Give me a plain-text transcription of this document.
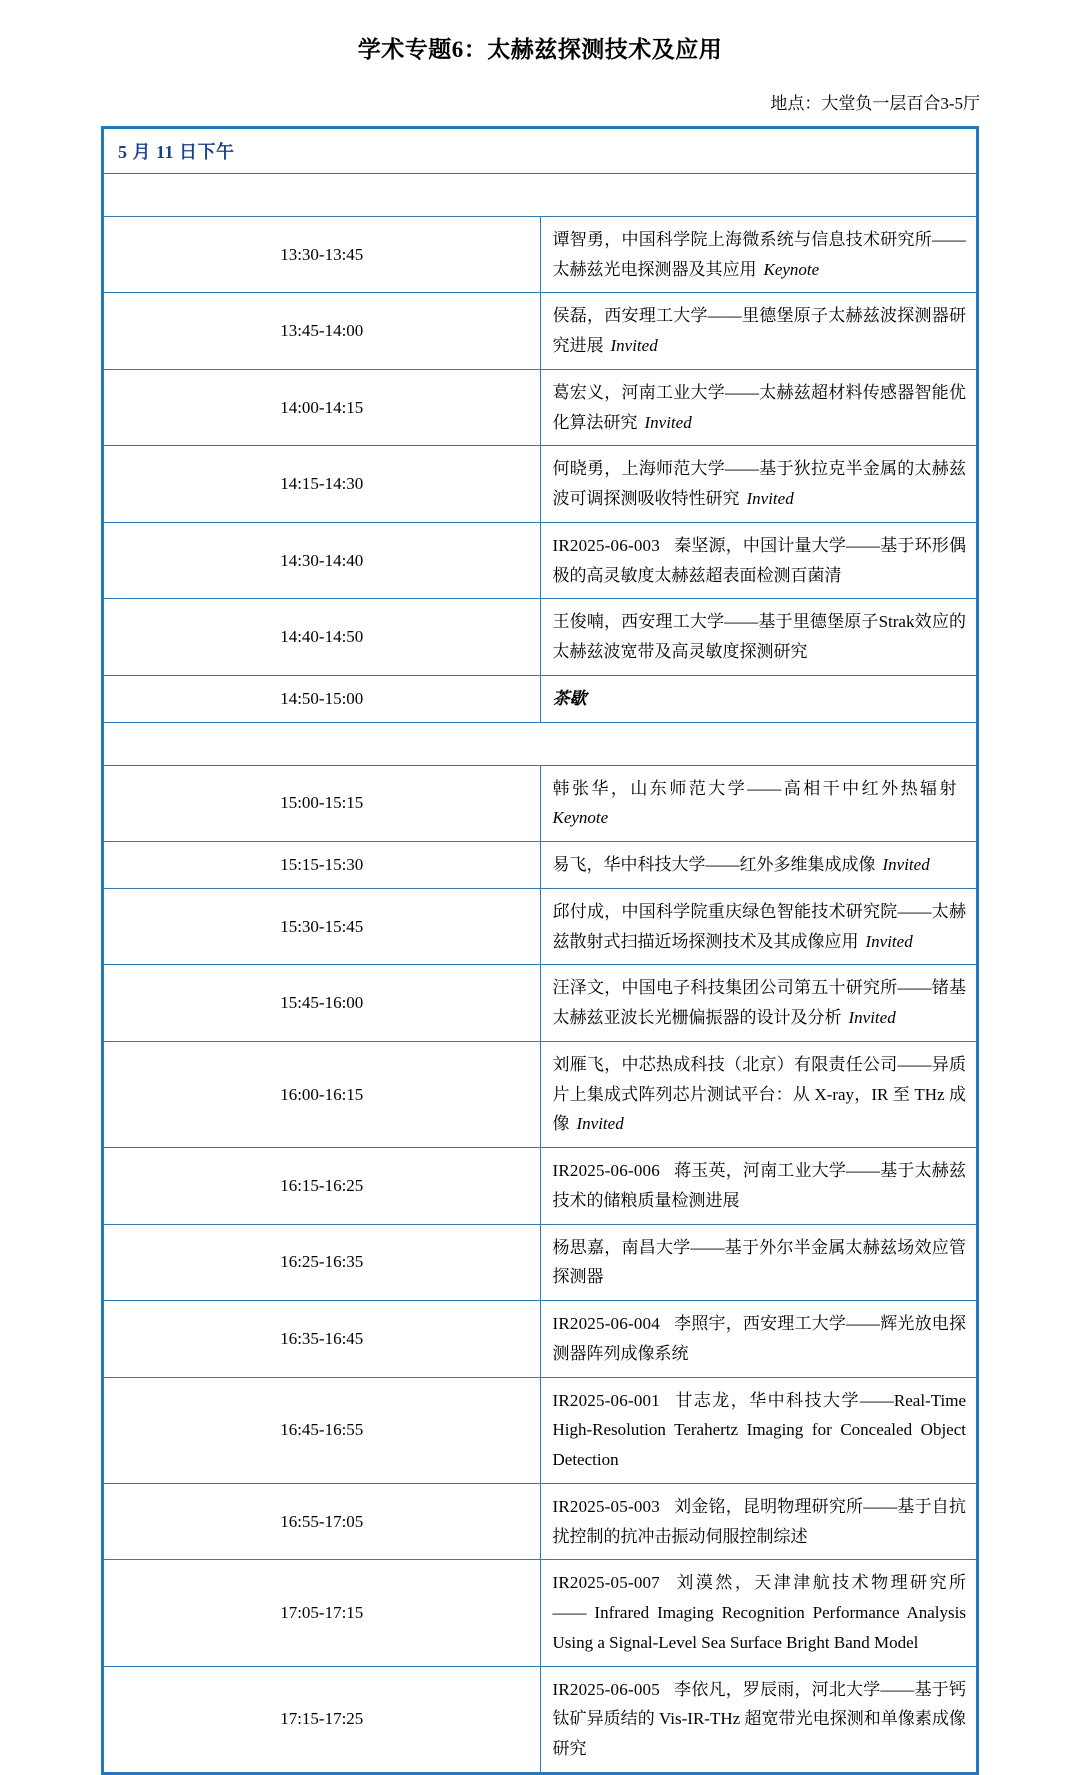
学术专题6：太赫兹探测技术及应用
地点：大堂负一层百合3-5厅
5 月 11 日下午	
Session1：太赫兹探测技术及应用Ⅰ，主持人：施卫教授	
13:30-13:45	谭智勇，中国科学院上海微系统与信息技术研究所——太赫兹光电探测器及其应用 Keynote
13:45-14:00	侯磊，西安理工大学——里德堡原子太赫兹波探测器研究进展 Invited
14:00-14:15	葛宏义，河南工业大学——太赫兹超材料传感器智能优化算法研究 Invited
14:15-14:30	何晓勇，上海师范大学——基于狄拉克半金属的太赫兹波可调探测吸收特性研究 Invited
14:30-14:40	IR2025-06-003 秦坚源，中国计量大学——基于环形偶极的高灵敏度太赫兹超表面检测百菌清
14:40-14:50	王俊喃，西安理工大学——基于里德堡原子Strak效应的太赫兹波宽带及高灵敏度探测研究
14:50-15:00	茶歇
Session2：太赫兹探测技术及应用Ⅱ，主持人：曹俊诚研究员、谭智勇研究员	
15:00-15:15	韩张华，山东师范大学——高相干中红外热辐射Keynote
15:15-15:30	易飞，华中科技大学——红外多维集成成像 Invited
15:30-15:45	邱付成，中国科学院重庆绿色智能技术研究院——太赫兹散射式扫描近场探测技术及其成像应用 Invited
15:45-16:00	汪泽文，中国电子科技集团公司第五十研究所——锗基太赫兹亚波长光栅偏振器的设计及分析 Invited
16:00-16:15	刘雁飞，中芯热成科技（北京）有限责任公司——异质片上集成式阵列芯片测试平台：从 X-ray，IR 至 THz 成像 Invited
16:15-16:25	IR2025-06-006 蒋玉英，河南工业大学——基于太赫兹技术的储粮质量检测进展
16:25-16:35	杨思嘉，南昌大学——基于外尔半金属太赫兹场效应管探测器
16:35-16:45	IR2025-06-004 李照宇，西安理工大学——辉光放电探测器阵列成像系统
16:45-16:55	IR2025-06-001 甘志龙，华中科技大学——Real-Time High-Resolution Terahertz Imaging for Concealed Object Detection
16:55-17:05	IR2025-05-003 刘金铭，昆明物理研究所——基于自抗扰控制的抗冲击振动伺服控制综述
17:05-17:15	IR2025-05-007 刘漠然，天津津航技术物理研究所 —— Infrared Imaging Recognition Performance Analysis Using a Signal-Level Sea Surface Bright Band Model
17:15-17:25	IR2025-06-005 李依凡，罗辰雨，河北大学——基于钙钛矿异质结的 Vis-IR-THz 超宽带光电探测和单像素成像研究
